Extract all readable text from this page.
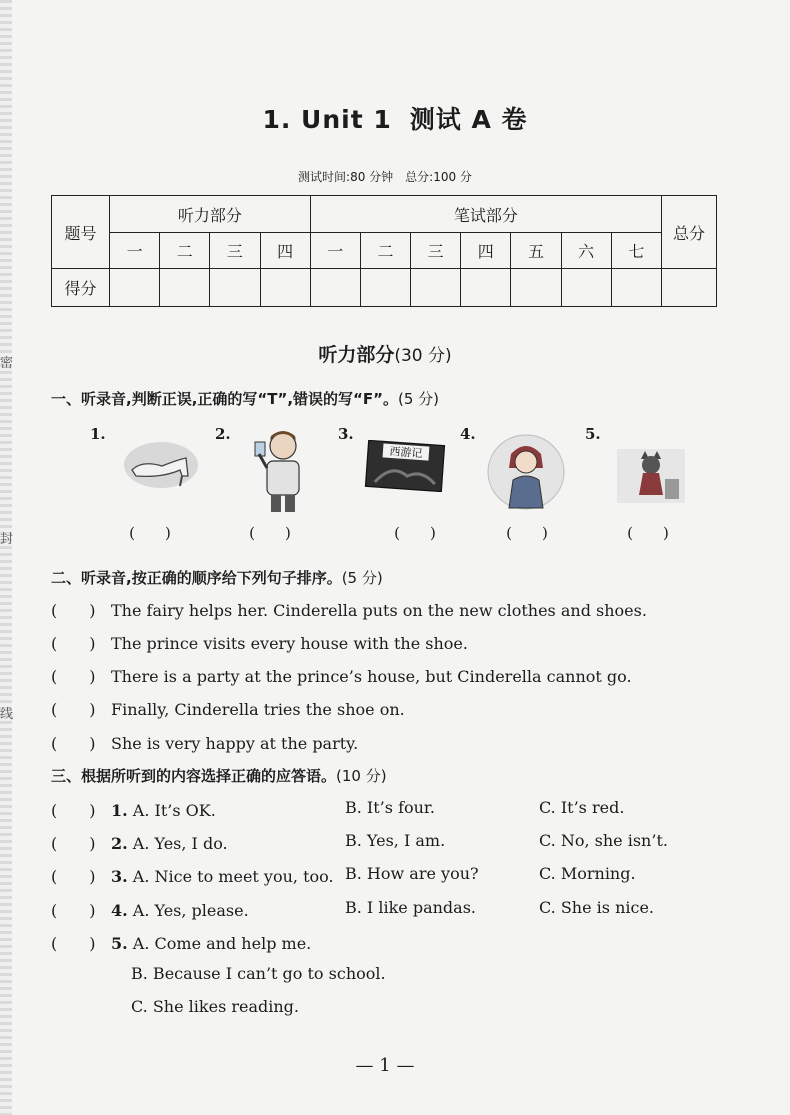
密
封
线
1. Unit 1 测试 A 卷
测试时间:80 分钟　总分:100 分
题号	听力部分				笔试部分							总分
	一	二	三	四	一	二	三	四	五	六	七	
得分												
听力部分(30 分)
一、听录音,判断正误,正确的写“T”,错误的写“F”。(5 分)
1.
(　　)
2.
(　　)
3.
西游记
(　　)
4.
(　　)
5.
(　　)
二、听录音,按正确的顺序给下列句子排序。(5 分)
(　　) The fairy helps her. Cinderella puts on the new clothes and shoes.
(　　) The prince visits every house with the shoe.
(　　) There is a party at the prince’s house, but Cinderella cannot go.
(　　) Finally, Cinderella tries the shoe on.
(　　) She is very happy at the party.
三、根据所听到的内容选择正确的应答语。(10 分)
(　　) 1. A. It’s OK.	B. It’s four.	C. It’s red.
(　　) 2. A. Yes, I do.	B. Yes, I am.	C. No, she isn’t.
(　　) 3. A. Nice to meet you, too. B. How are you?	C. Morning.
(　　) 4. A. Yes, please.	B. I like pandas.	C. She is nice.
(　　) 5. A. Come and help me.
B. Because I can’t go to school.
C. She likes reading.
— 1 —
